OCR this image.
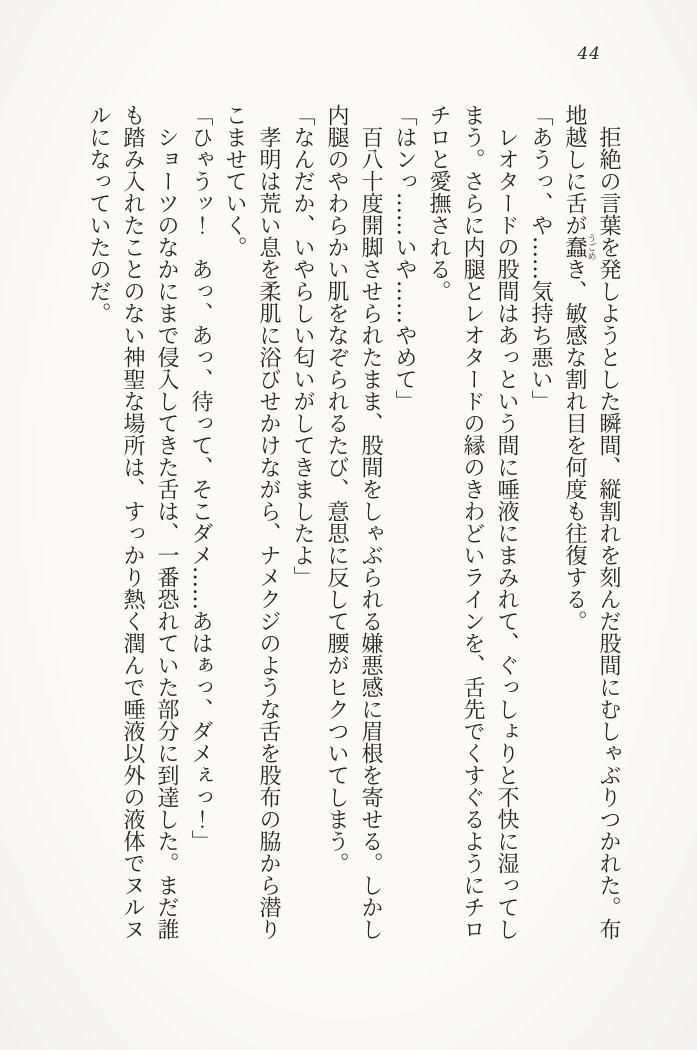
44

拒絶の言葉を発しようとした瞬間、縦割れを刻んだ股間にむしゃぶりつかれた。布地越しに舌が蠢うごめき、敏感な割れ目を何度も往復する。

「あうっ、や……気持ち悪い」

レオタードの股間はあっという間に唾液にまみれて、ぐっしょりと不快に湿ってしまう。さらに内腿とレオタードの縁のきわどいラインを、舌先でくすぐるようにチロチロと愛撫される。

「はンっ……いや……やめて」

百八十度開脚させられたまま、股間をしゃぶられる嫌悪感に眉根を寄せる。しかし内腿のやわらかい肌をなぞられるたび、意思に反して腰がヒクついてしまう。

「なんだか、いやらしい匂いがしてきましたよ」

孝明は荒い息を柔肌に浴びせかけながら、ナメクジのような舌を股布の脇から潜りこませていく。

「ひゃうッ！　あっ、あっ、待って、そこダメ……あはぁっ、ダメぇっ！」

ショーツのなかにまで侵入してきた舌は、一番恐れていた部分に到達した。まだ誰も踏み入れたことのない神聖な場所は、すっかり熱く潤んで唾液以外の液体でヌルヌルになっていたのだ。
